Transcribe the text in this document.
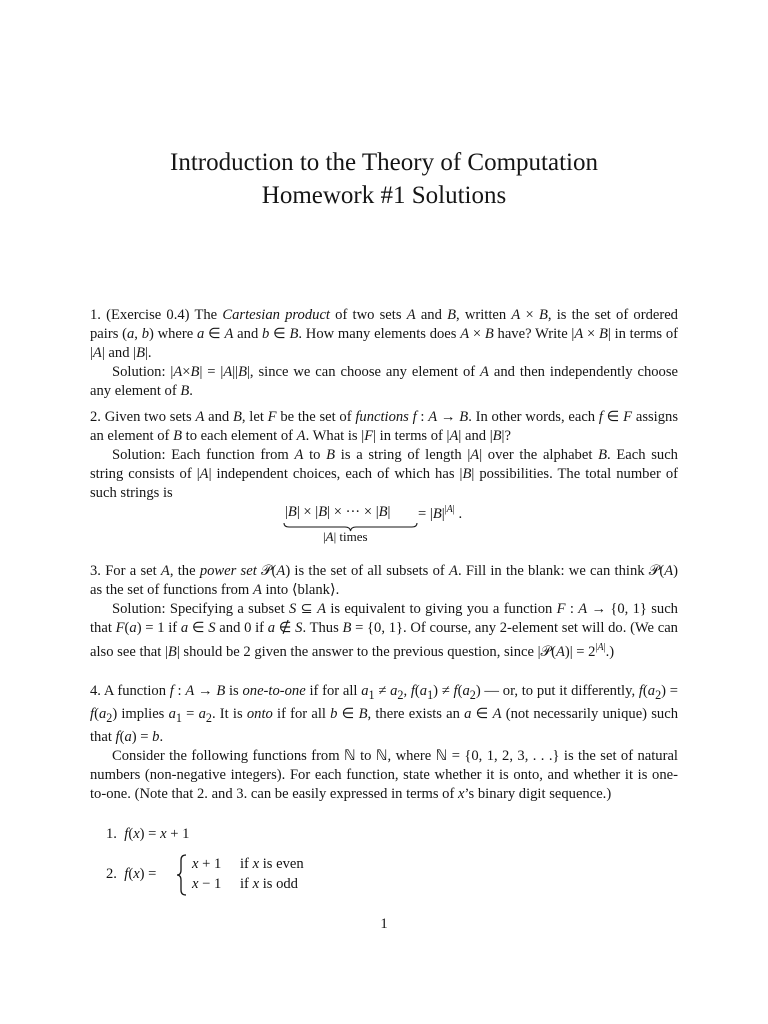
Introduction to the Theory of Computation
Homework #1 Solutions
1. (Exercise 0.4) The Cartesian product of two sets A and B, written A × B, is the set of ordered pairs (a, b) where a ∈ A and b ∈ B. How many elements does A × B have? Write |A × B| in terms of |A| and |B|.
Solution: |A×B| = |A||B|, since we can choose any element of A and then independently choose any element of B.
2. Given two sets A and B, let F be the set of functions f : A → B. In other words, each f ∈ F assigns an element of B to each element of A. What is |F| in terms of |A| and |B|?
Solution: Each function from A to B is a string of length |A| over the alphabet B. Each such string consists of |A| independent choices, each of which has |B| possibilities. The total number of such strings is
|B| × |B| × ··· × |B|
|A| times
= $|B|^{|A|}$ .
3. For a set A, the power set 𝒫(A) is the set of all subsets of A. Fill in the blank: we can think 𝒫(A) as the set of functions from A into ⟨blank⟩.
Solution: Specifying a subset S ⊆ A is equivalent to giving you a function F : A → {0, 1} such that F(a) = 1 if a ∈ S and 0 if a ∉ S. Thus B = {0, 1}. Of course, any 2-element set will do. (We can also see that |B| should be 2 given the answer to the previous question, since |𝒫(A)| = $2^{|A|}$.)
4. A function f : A → B is one-to-one if for all $a_1 \ne a_2$, $f(a_1) \ne f(a_2)$ — or, to put it differently, $f(a_2) = f(a_2)$ implies $a_1 = a_2$. It is onto if for all b ∈ B, there exists an a ∈ A (not necessarily unique) such that f(a) = b.
Consider the following functions from ℕ to ℕ, where ℕ = {0, 1, 2, 3, . . .} is the set of natural numbers (non-negative integers). For each function, state whether it is onto, and whether it is one-to-one. (Note that 2. and 3. can be easily expressed in terms of x’s binary digit sequence.)
1.  f(x) = x + 1
2.  f(x) =
x + 1 if x is even
x − 1 if x is odd
1
